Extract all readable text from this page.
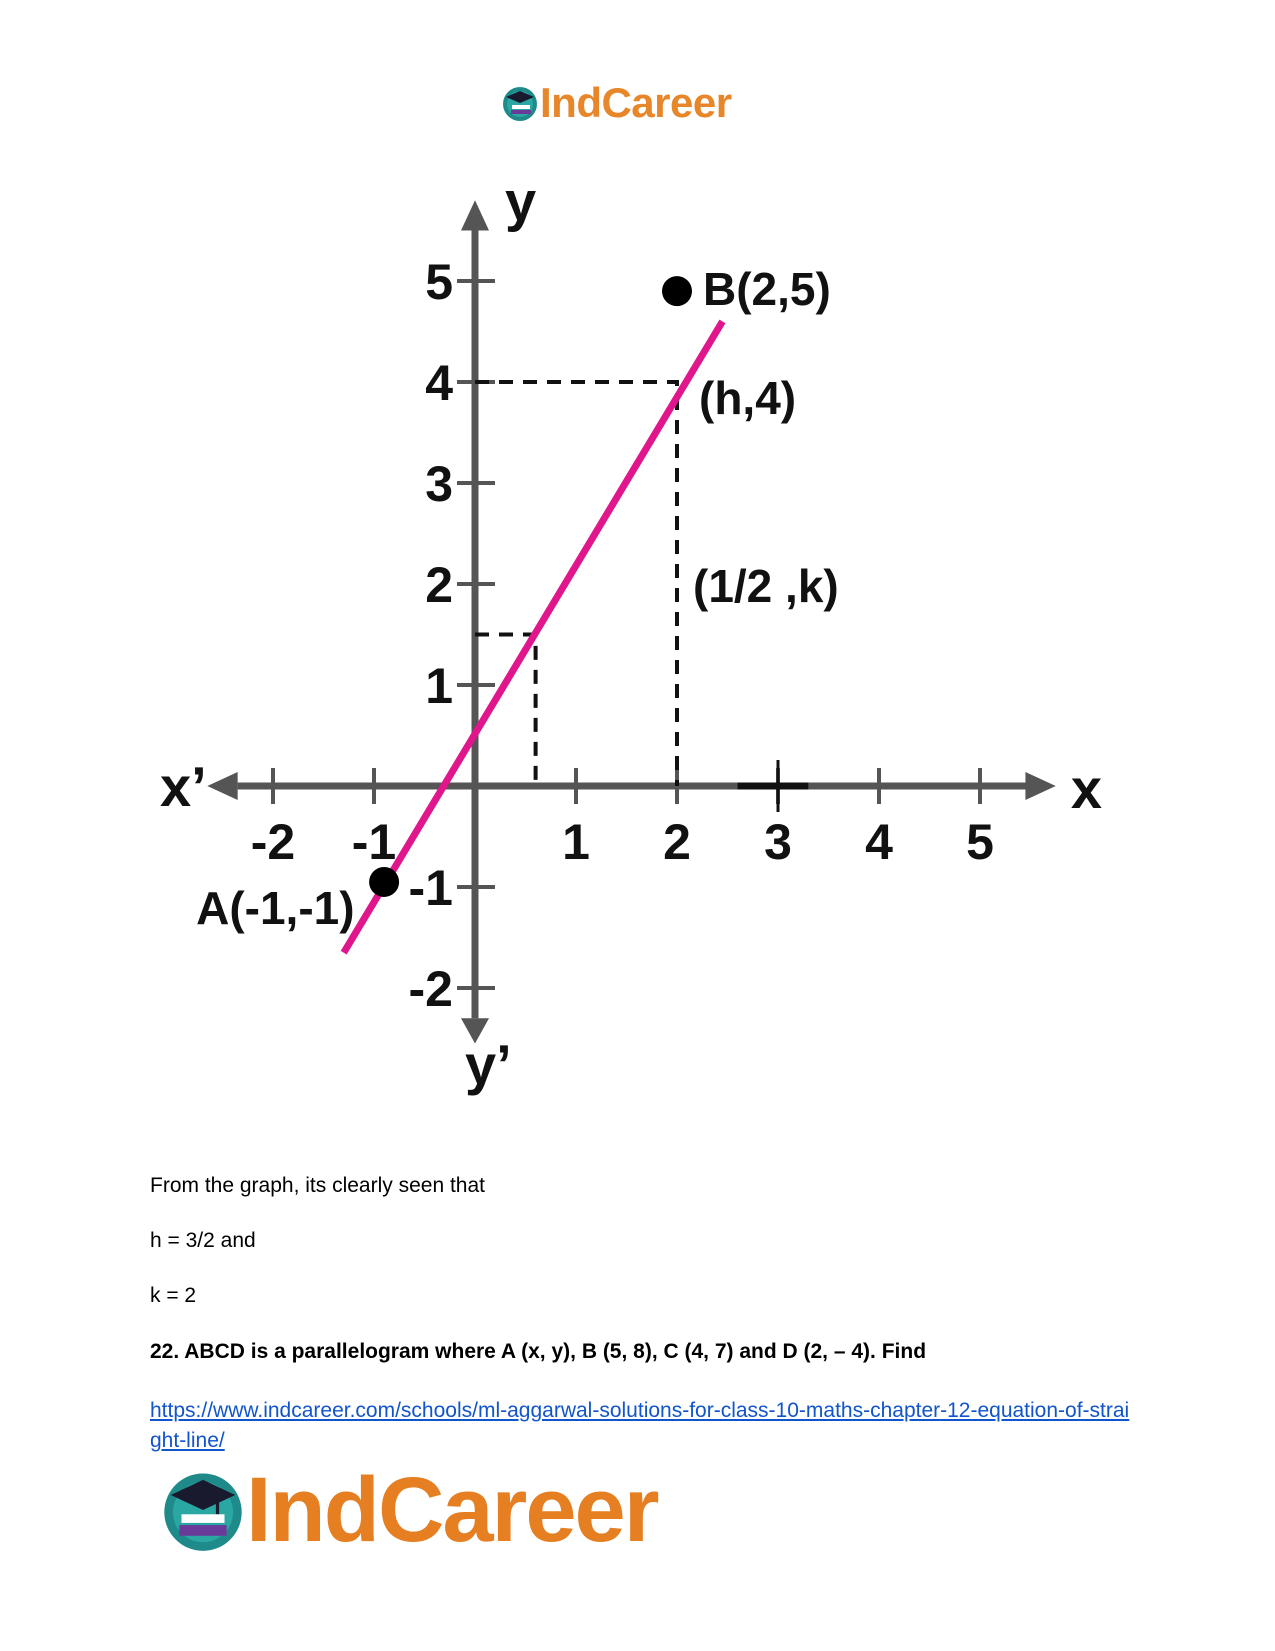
IndCareer
-2 -1	1 2 3 4 5
5
4
3
2
1
-1
-2
x
x’
y
y’
A(-1,-1)
B(2,5)
(h,4)
(1/2 ,k)
From the graph, its clearly seen that
h = 3/2 and
k = 2
22. ABCD is a parallelogram where A (x, y), B (5, 8), C (4, 7) and D (2, – 4). Find
https://www.indcareer.com/schools/ml-aggarwal-solutions-for-class-10-maths-chapter-12-equation-of-straight-line/
IndCareer
